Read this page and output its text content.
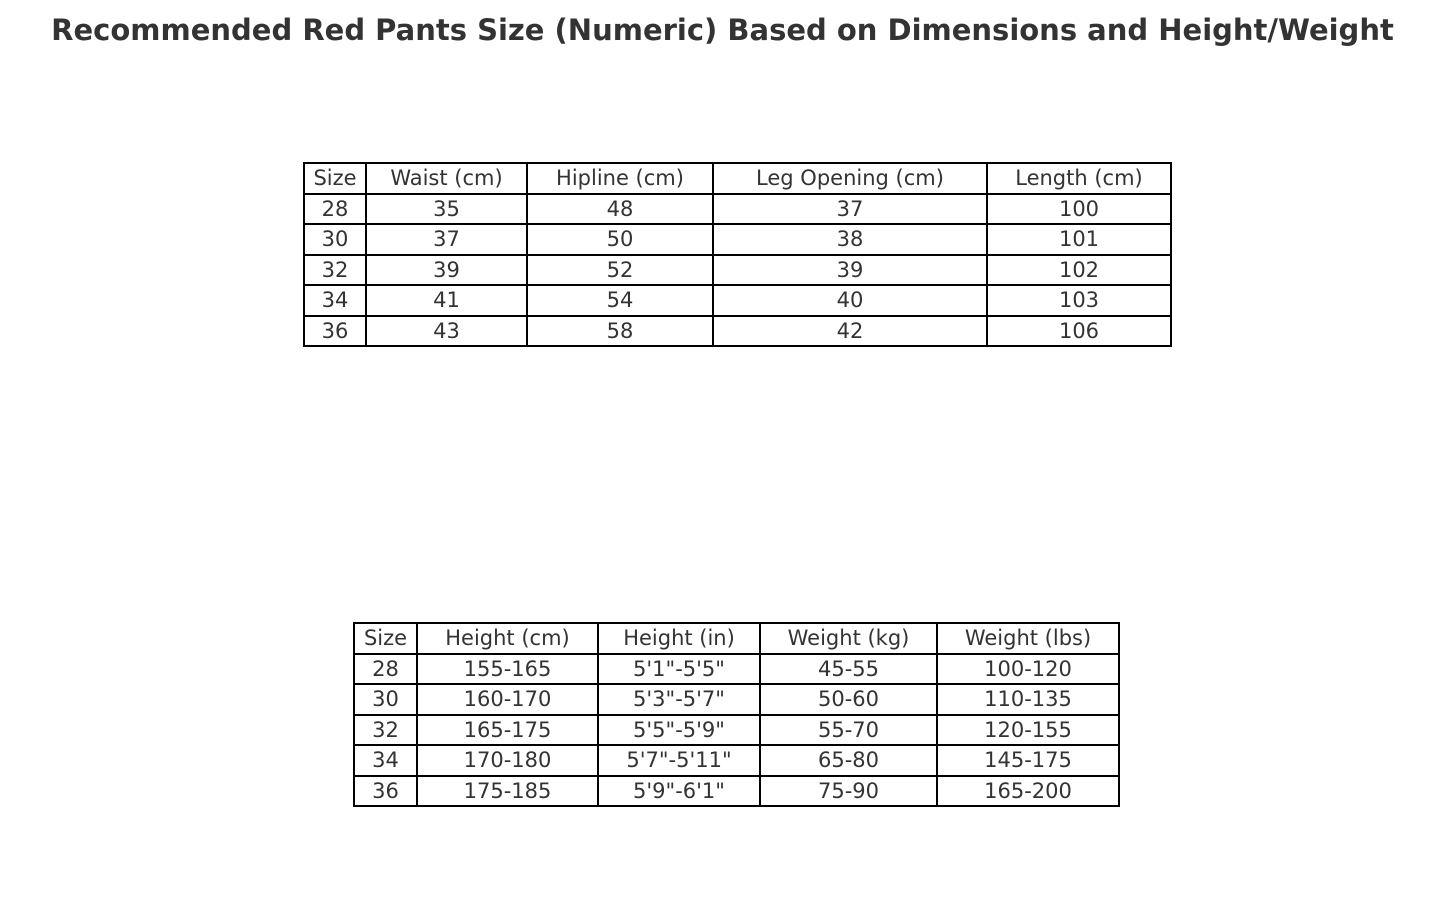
Recommended Red Pants Size (Numeric) Based on Dimensions and Height/Weight
Size	Waist (cm)	Hipline (cm)	Leg Opening (cm)	Length (cm)
28	35	48	37	100
30	37	50	38	101
32	39	52	39	102
34	41	54	40	103
36	43	58	42	106
Size	Height (cm)	Height (in)	Weight (kg)	Weight (lbs)
28	155-165	5'1"-5'5"	45-55	100-120
30	160-170	5'3"-5'7"	50-60	110-135
32	165-175	5'5"-5'9"	55-70	120-155
34	170-180	5'7"-5'11"	65-80	145-175
36	175-185	5'9"-6'1"	75-90	165-200
